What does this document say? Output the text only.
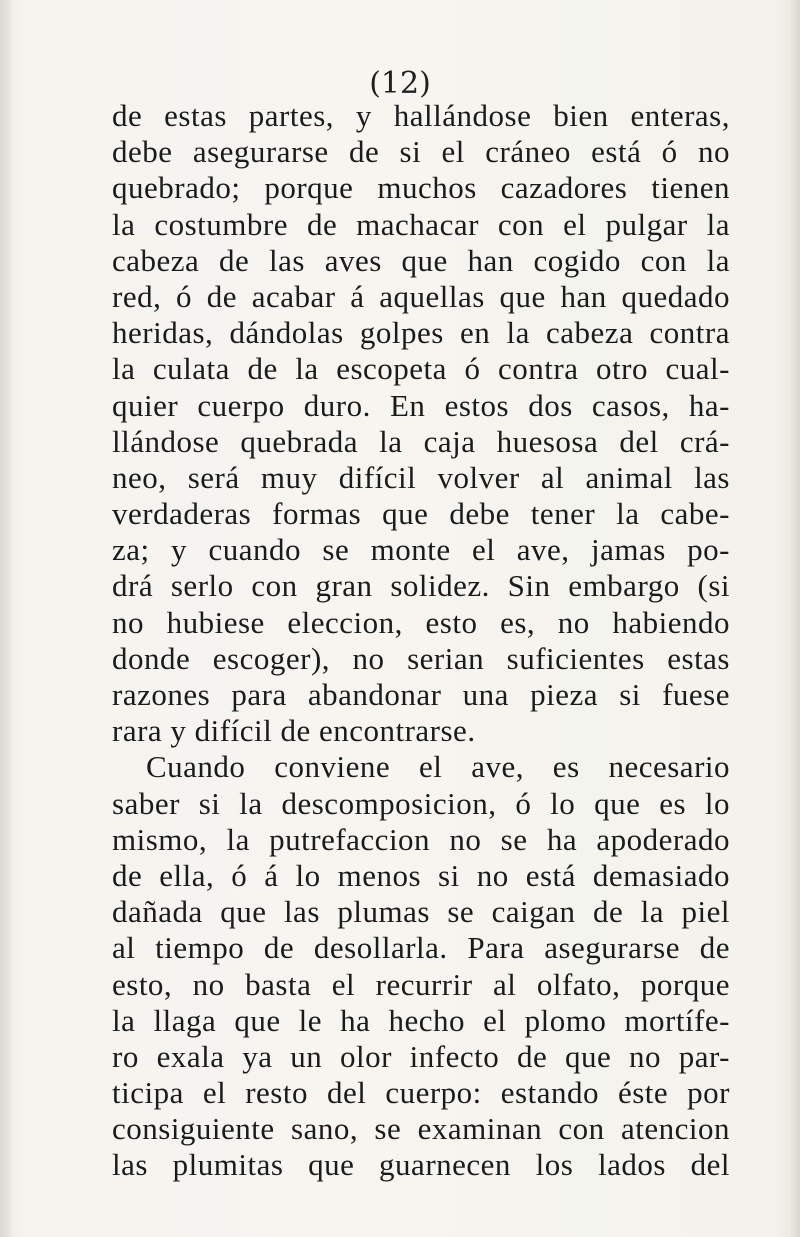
(12)
de estas partes, y hallándose bien enteras,
debe asegurarse de si el cráneo está ó no
quebrado; porque muchos cazadores tienen
la costumbre de machacar con el pulgar la
cabeza de las aves que han cogido con la
red, ó de acabar á aquellas que han quedado
heridas, dándolas golpes en la cabeza contra
la culata de la escopeta ó contra otro cual-
quier cuerpo duro. En estos dos casos, ha-
llándose quebrada la caja huesosa del crá-
neo, será muy difícil volver al animal las
verdaderas formas que debe tener la cabe-
za; y cuando se monte el ave, jamas po-
drá serlo con gran solidez. Sin embargo (si
no hubiese eleccion, esto es, no habiendo
donde escoger), no serian suficientes estas
razones para abandonar una pieza si fuese
rara y difícil de encontrarse.
Cuando conviene el ave, es necesario
saber si la descomposicion, ó lo que es lo
mismo, la putrefaccion no se ha apoderado
de ella, ó á lo menos si no está demasiado
dañada que las plumas se caigan de la piel
al tiempo de desollarla. Para asegurarse de
esto, no basta el recurrir al olfato, porque
la llaga que le ha hecho el plomo mortífe-
ro exala ya un olor infecto de que no par-
ticipa el resto del cuerpo: estando éste por
consiguiente sano, se examinan con atencion
las plumitas que guarnecen los lados del
